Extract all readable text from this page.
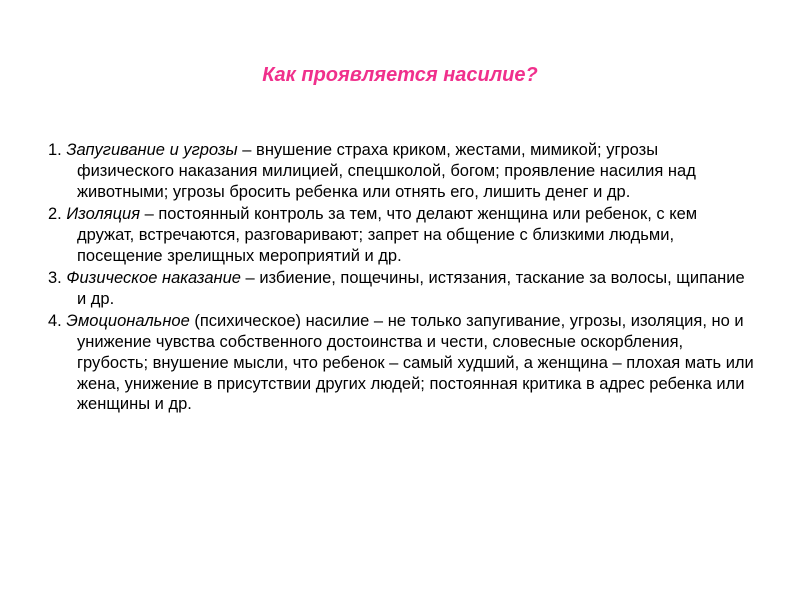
Как проявляется насилие?

1. Запугивание и угрозы – внушение страха криком, жестами, мимикой; угрозы физического наказания милицией, спецшколой, богом; проявление насилия над животными; угрозы бросить ребенка или отнять его, лишить денег и др.

2. Изоляция – постоянный контроль за тем, что делают женщина или ребенок, с кем дружат, встречаются, разговаривают; запрет на общение с близкими людьми, посещение зрелищных мероприятий и др.

3. Физическое наказание – избиение, пощечины, истязания, таскание за волосы, щипание и др.

4. Эмоциональное (психическое) насилие – не только запугивание, угрозы, изоляция, но и унижение чувства собственного достоинства и чести, словесные оскорбления, грубость; внушение мысли, что ребенок – самый худший, а женщина – плохая мать или жена, унижение в присутствии других людей; постоянная критика в адрес ребенка или женщины и др.
